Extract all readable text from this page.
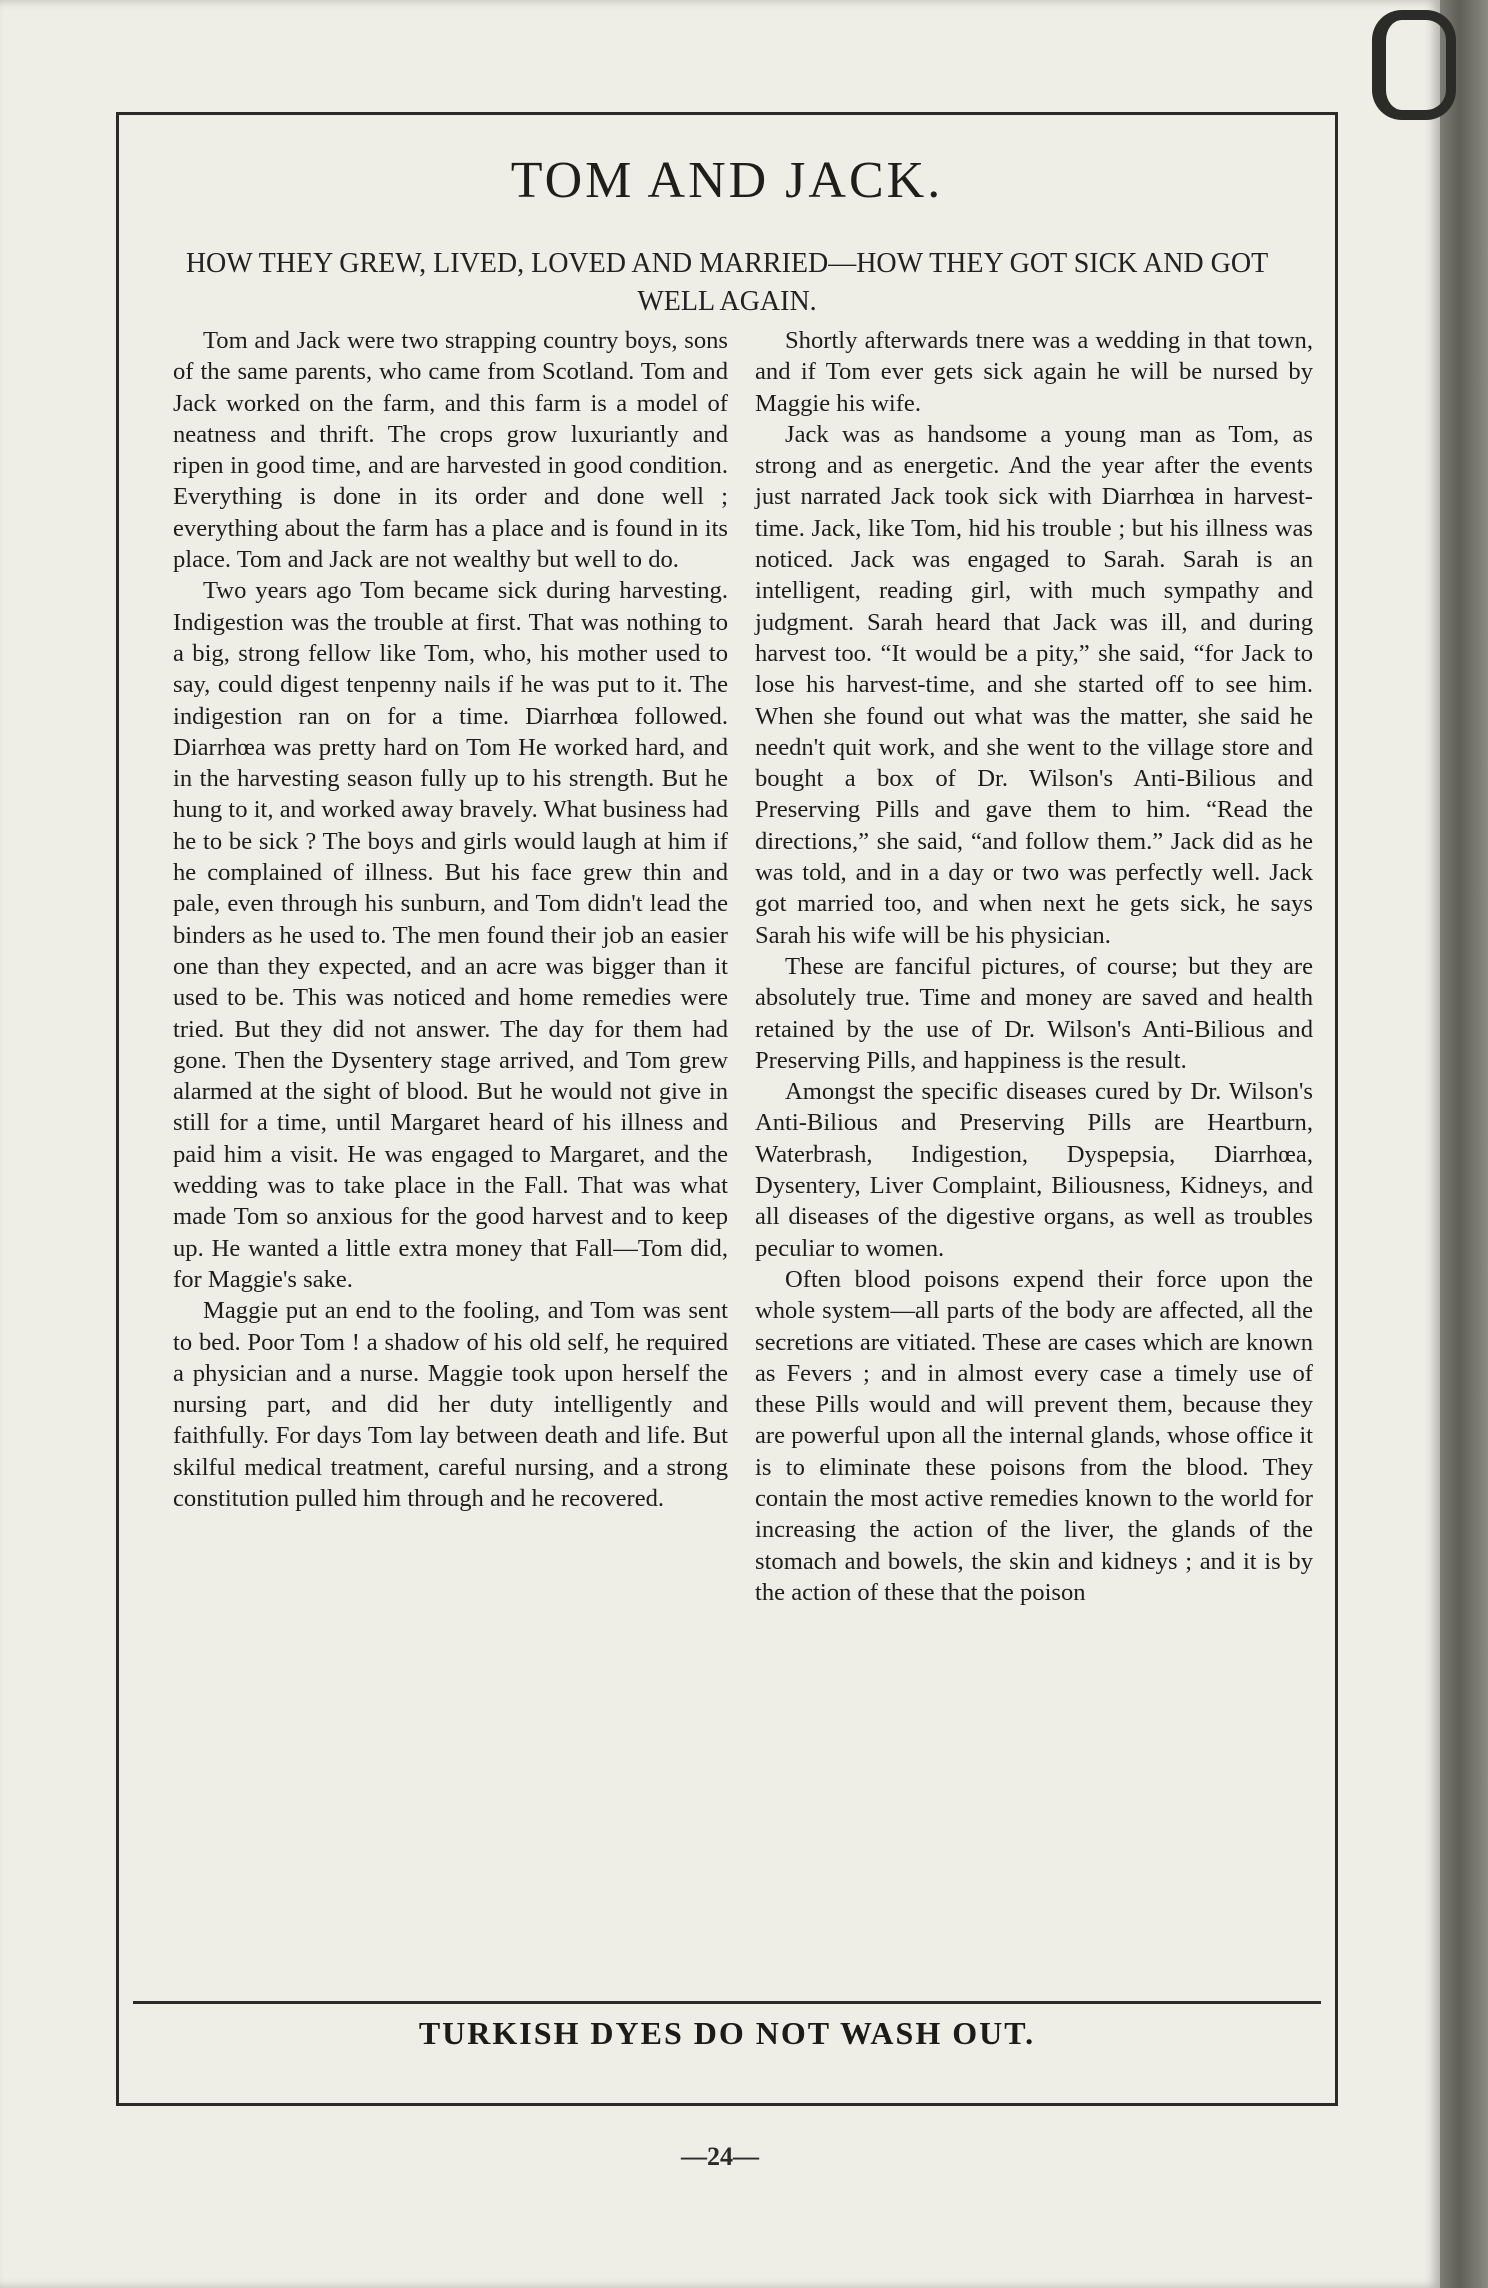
TOM AND JACK.
HOW THEY GREW, LIVED, LOVED AND MARRIED—HOW THEY GOT SICK AND GOT WELL AGAIN.

Tom and Jack were two strapping country boys, sons of the same parents, who came from Scotland. Tom and Jack worked on the farm, and this farm is a model of neatness and thrift. The crops grow luxuriantly and ripen in good time, and are harvested in good condition. Everything is done in its order and done well ; everything about the farm has a place and is found in its place. Tom and Jack are not wealthy but well to do.

Two years ago Tom became sick during harvesting. Indigestion was the trouble at first. That was nothing to a big, strong fellow like Tom, who, his mother used to say, could digest tenpenny nails if he was put to it. The indigestion ran on for a time. Diarrhœa followed. Diarrhœa was pretty hard on Tom He worked hard, and in the harvesting season fully up to his strength. But he hung to it, and worked away bravely. What business had he to be sick ? The boys and girls would laugh at him if he complained of illness. But his face grew thin and pale, even through his sunburn, and Tom didn't lead the binders as he used to. The men found their job an easier one than they expected, and an acre was bigger than it used to be. This was noticed and home remedies were tried. But they did not answer. The day for them had gone. Then the Dysentery stage arrived, and Tom grew alarmed at the sight of blood. But he would not give in still for a time, until Margaret heard of his illness and paid him a visit. He was engaged to Margaret, and the wedding was to take place in the Fall. That was what made Tom so anxious for the good harvest and to keep up. He wanted a little extra money that Fall—Tom did, for Maggie's sake.

Maggie put an end to the fooling, and Tom was sent to bed. Poor Tom ! a shadow of his old self, he required a physician and a nurse. Maggie took upon herself the nursing part, and did her duty intelligently and faithfully. For days Tom lay between death and life. But skilful medical treatment, careful nursing, and a strong constitution pulled him through and he recovered.

Shortly afterwards tnere was a wedding in that town, and if Tom ever gets sick again he will be nursed by Maggie his wife.

Jack was as handsome a young man as Tom, as strong and as energetic. And the year after the events just narrated Jack took sick with Diarrhœa in harvest-time. Jack, like Tom, hid his trouble ; but his illness was noticed. Jack was engaged to Sarah. Sarah is an intelligent, reading girl, with much sympathy and judgment. Sarah heard that Jack was ill, and during harvest too. “It would be a pity,” she said, “for Jack to lose his harvest-time, and she started off to see him. When she found out what was the matter, she said he needn't quit work, and she went to the village store and bought a box of Dr. Wilson's Anti-Bilious and Preserving Pills and gave them to him. “Read the directions,” she said, “and follow them.” Jack did as he was told, and in a day or two was perfectly well. Jack got married too, and when next he gets sick, he says Sarah his wife will be his physician.

These are fanciful pictures, of course; but they are absolutely true. Time and money are saved and health retained by the use of Dr. Wilson's Anti-Bilious and Preserving Pills, and happiness is the result.

Amongst the specific diseases cured by Dr. Wilson's Anti-Bilious and Preserving Pills are Heartburn, Waterbrash, Indigestion, Dyspepsia, Diarrhœa, Dysentery, Liver Complaint, Biliousness, Kidneys, and all diseases of the digestive organs, as well as troubles peculiar to women.

Often blood poisons expend their force upon the whole system—all parts of the body are affected, all the secretions are vitiated. These are cases which are known as Fevers ; and in almost every case a timely use of these Pills would and will prevent them, because they are powerful upon all the internal glands, whose office it is to eliminate these poisons from the blood. They contain the most active remedies known to the world for increasing the action of the liver, the glands of the stomach and bowels, the skin and kidneys ; and it is by the action of these that the poison

TURKISH DYES DO NOT WASH OUT.
—24—
